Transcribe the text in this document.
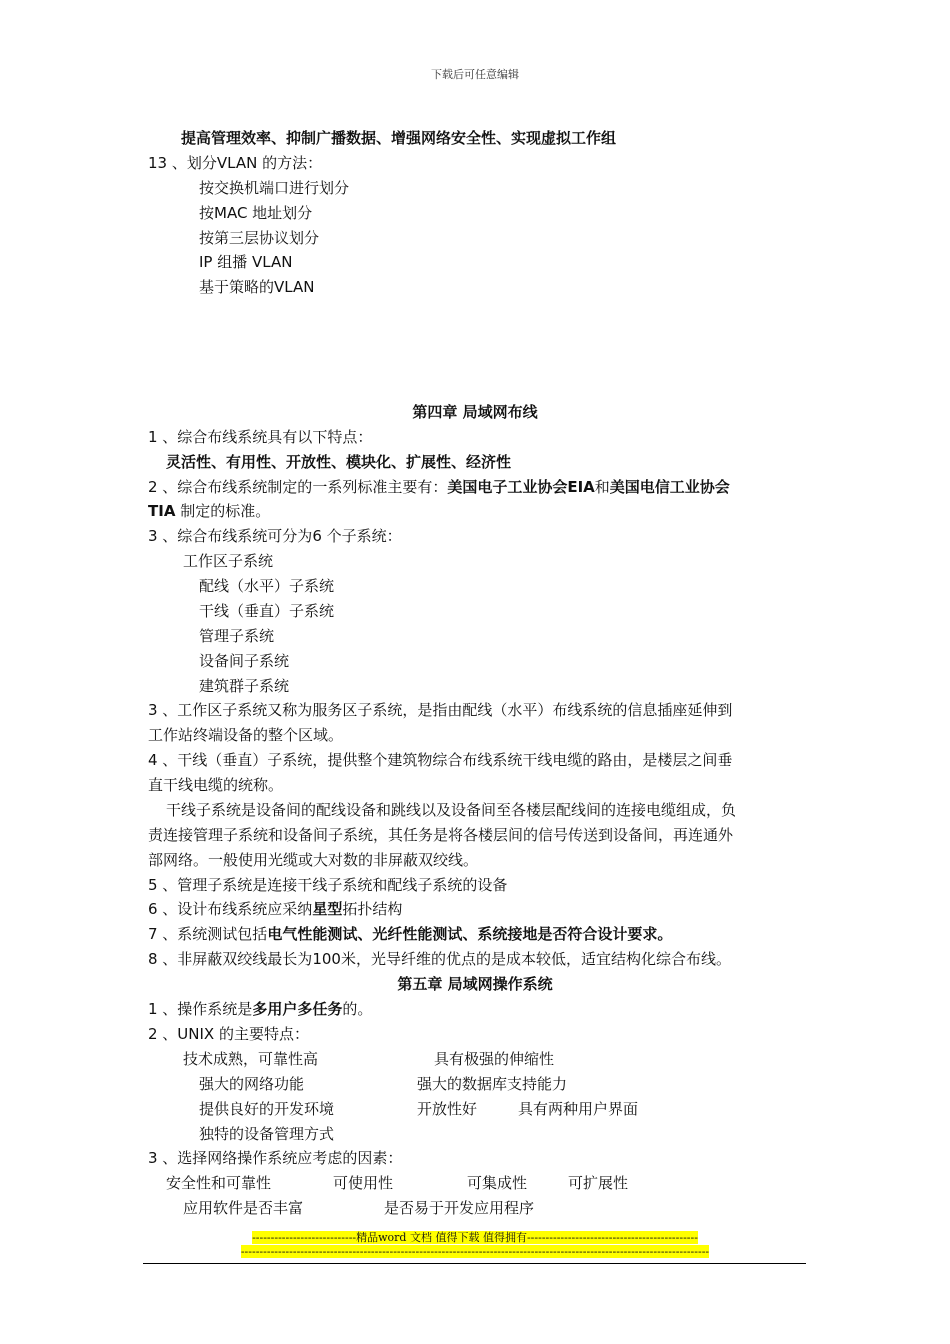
下载后可任意编辑
提高管理效率、抑制广播数据、增强网络安全性、实现虚拟工作组
13 、划分VLAN 的方法：
按交换机端口进行划分
按MAC 地址划分
按第三层协议划分
IP 组播 VLAN
基于策略的VLAN
第四章 局域网布线
1 、综合布线系统具有以下特点：
灵活性、有用性、开放性、模块化、扩展性、经济性
2 、综合布线系统制定的一系列标准主要有：美国电子工业协会EIA和美国电信工业协会
TIA 制定的标准。
3 、综合布线系统可分为6 个子系统：
工作区子系统
配线（水平）子系统
干线（垂直）子系统
管理子系统
设备间子系统
建筑群子系统
3 、工作区子系统又称为服务区子系统，是指由配线（水平）布线系统的信息插座延伸到
工作站终端设备的整个区域。
4 、干线（垂直）子系统，提供整个建筑物综合布线系统干线电缆的路由，是楼层之间垂
直干线电缆的统称。
干线子系统是设备间的配线设备和跳线以及设备间至各楼层配线间的连接电缆组成，负
责连接管理子系统和设备间子系统，其任务是将各楼层间的信号传送到设备间，再连通外
部网络。一般使用光缆或大对数的非屏蔽双绞线。
5 、管理子系统是连接干线子系统和配线子系统的设备
6 、设计布线系统应采纳星型拓扑结构
7 、系统测试包括电气性能测试、光纤性能测试、系统接地是否符合设计要求。
8 、非屏蔽双绞线最长为100米，光导纤维的优点的是成本较低，适宜结构化综合布线。
第五章 局域网操作系统
1 、操作系统是多用户多任务的。
2 、UNIX 的主要特点：
技术成熟，可靠性高	具有极强的伸缩性
强大的网络功能	强大的数据库支持能力
提供良好的开发环境	开放性好	具有两种用户界面
独特的设备管理方式
3 、选择网络操作系统应考虑的因素：
安全性和可靠性	可使用性	可集成性	可扩展性
应用软件是否丰富	是否易于开发应用程序
----------------------------精品word 文档 值得下载 值得拥有----------------------------------------------
------------------------------------------------------------------------------------------------------------------------------
